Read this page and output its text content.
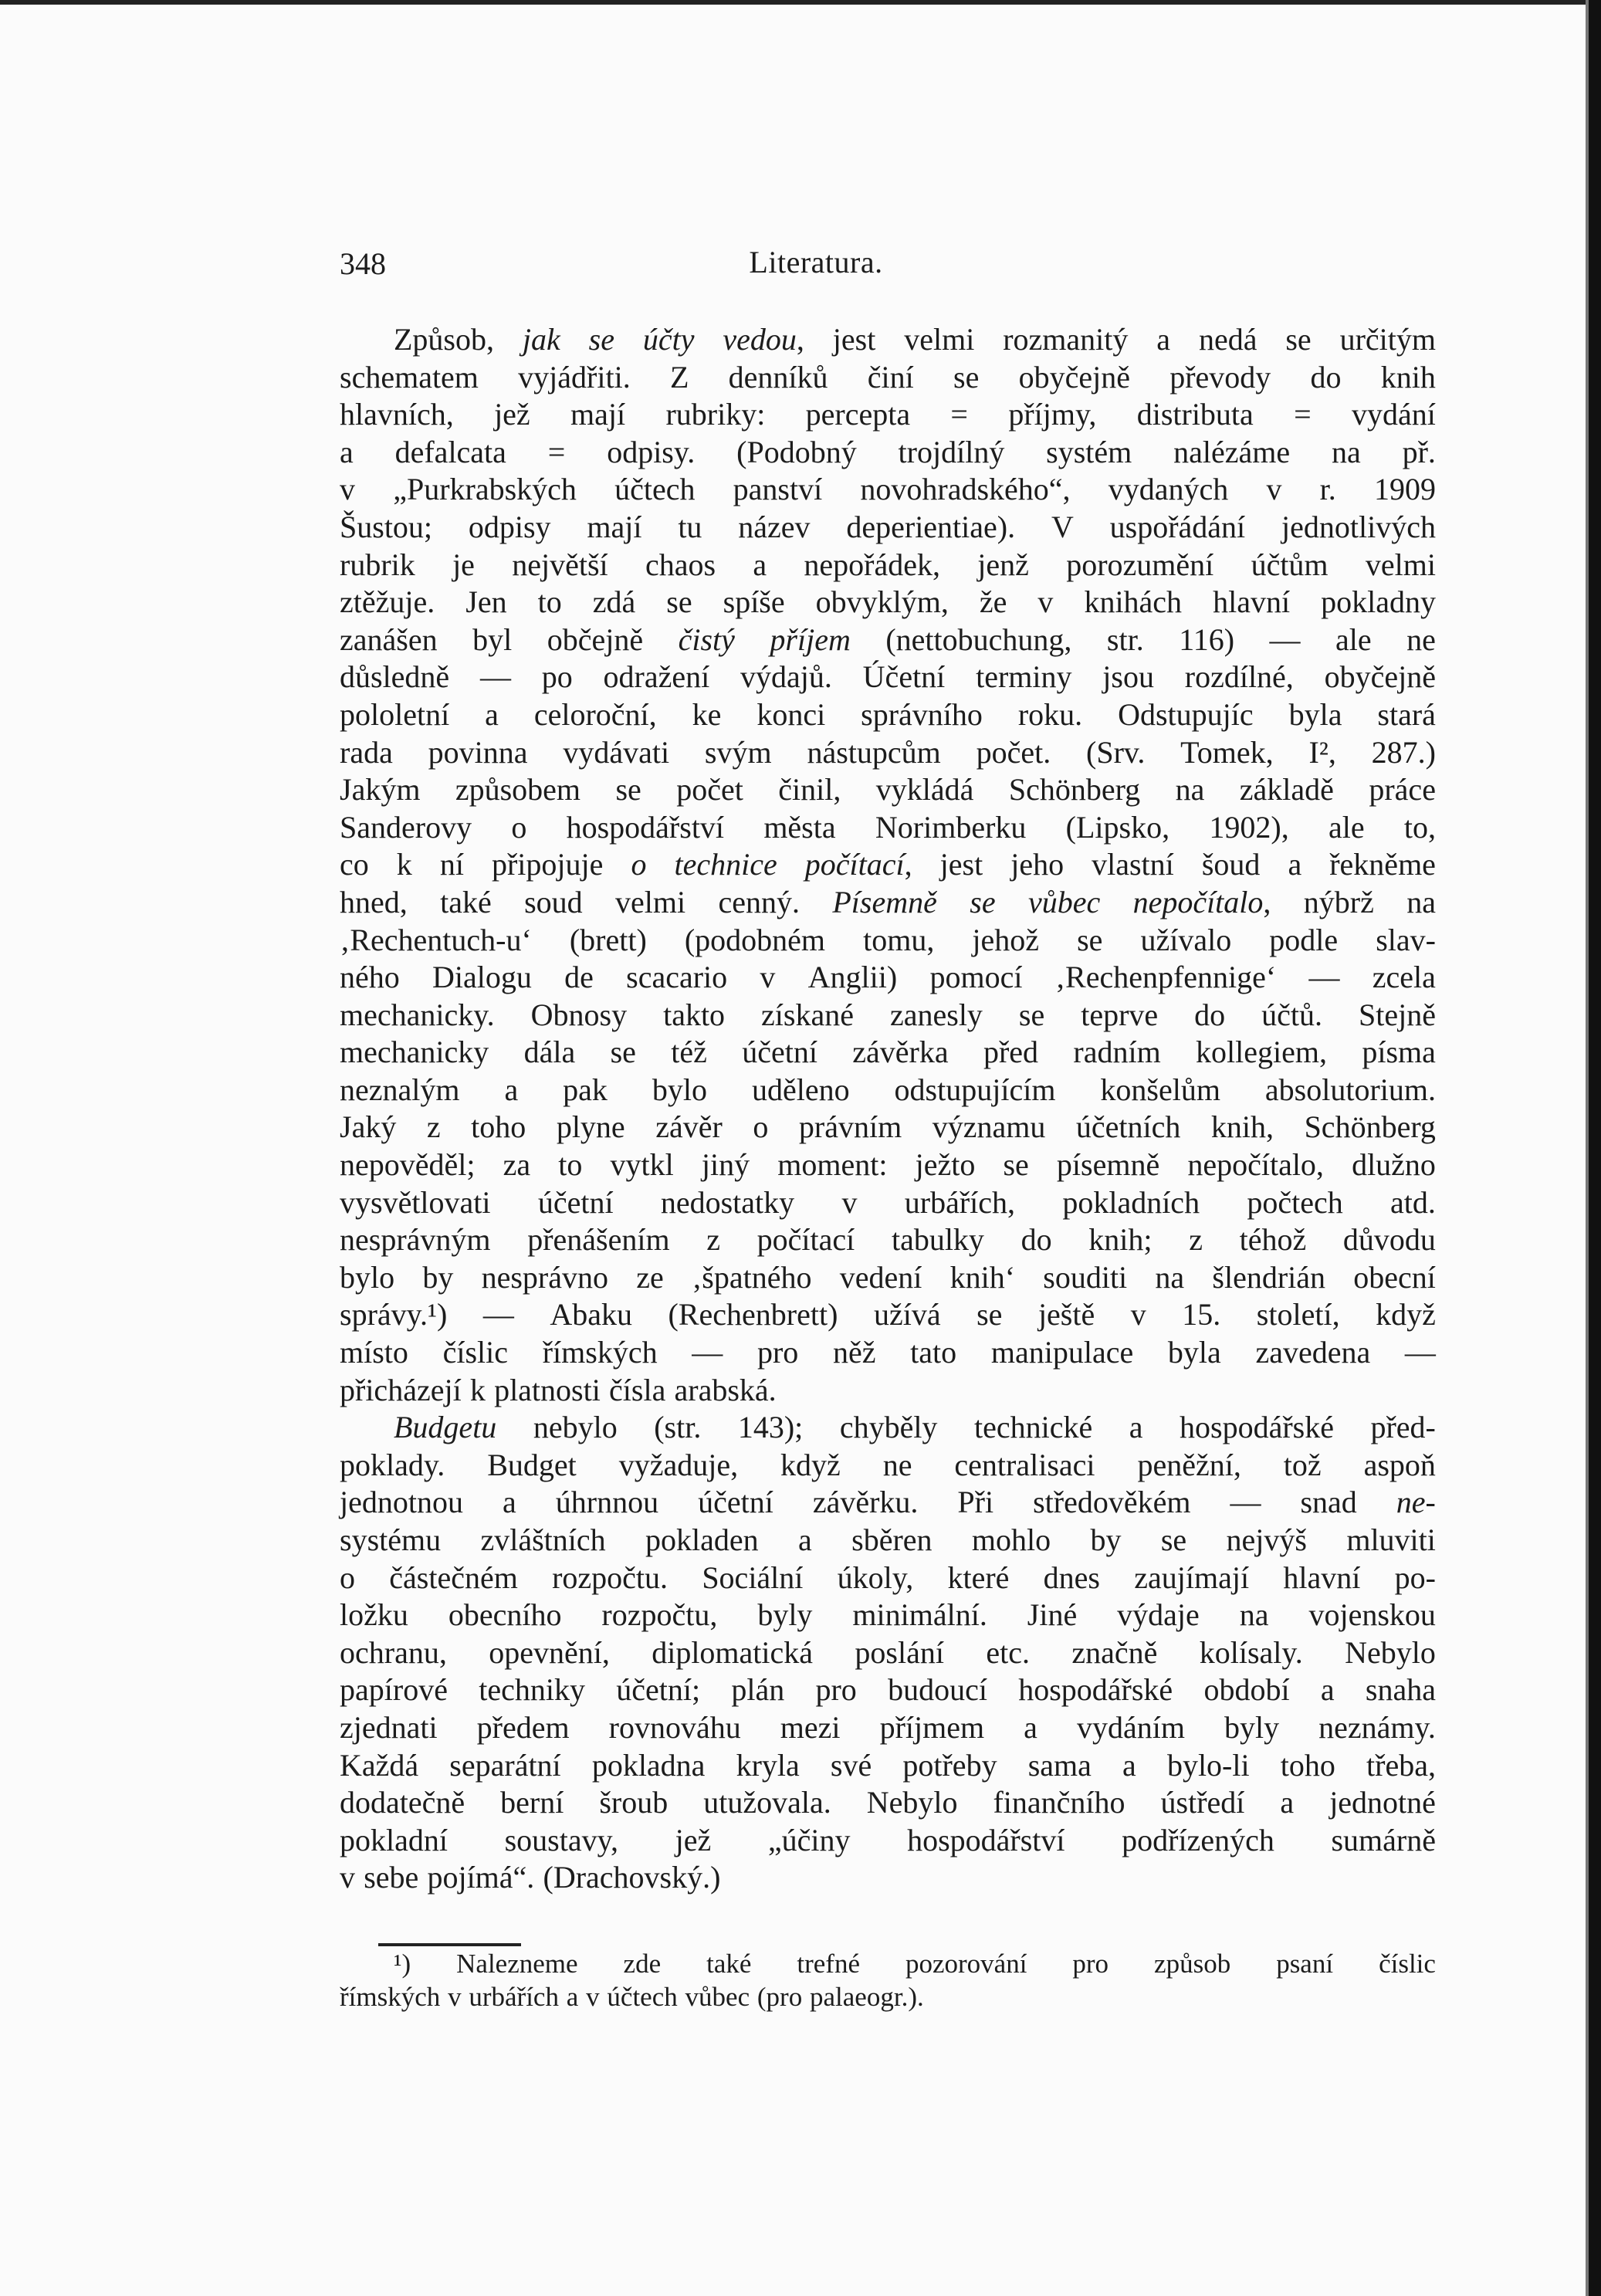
348	Literatura.
Způsob, jak se účty vedou, jest velmi rozmanitý a nedá se určitým
schematem vyjádřiti. Z denníků činí se obyčejně převody do knih
hlavních, jež mají rubriky: percepta = příjmy, distributa = vydání
a defalcata = odpisy. (Podobný trojdílný systém nalézáme na př.
v „Purkrabských účtech panství novohradského“, vydaných v r. 1909
Šustou; odpisy mají tu název deperientiae). V uspořádání jednotlivých
rubrik je největší chaos a nepořádek, jenž porozumění účtům velmi
ztěžuje. Jen to zdá se spíše obvyklým, že v knihách hlavní pokladny
zanášen byl občejně čistý příjem (nettobuchung, str. 116) — ale ne
důsledně — po odražení výdajů. Účetní terminy jsou rozdílné, obyčejně
pololetní a celoroční, ke konci správního roku. Odstupujíc byla stará
rada povinna vydávati svým nástupcům počet. (Srv. Tomek, I², 287.)
Jakým způsobem se počet činil, vykládá Schönberg na základě práce
Sanderovy o hospodářství města Norimberku (Lipsko, 1902), ale to,
co k ní připojuje o technice počítací, jest jeho vlastní šoud a řekněme
hned, také soud velmi cenný. Písemně se vůbec nepočítalo, nýbrž na
‚Rechentuch-u‘ (brett) (podobném tomu, jehož se užívalo podle slav-
ného Dialogu de scacario v Anglii) pomocí ‚Rechenpfennige‘ — zcela
mechanicky. Obnosy takto získané zanesly se teprve do účtů. Stejně
mechanicky dála se též účetní závěrka před radním kollegiem, písma
neznalým a pak bylo uděleno odstupujícím konšelům absolutorium.
Jaký z toho plyne závěr o právním významu účetních knih, Schönberg
nepověděl; za to vytkl jiný moment: ježto se písemně nepočítalo, dlužno
vysvětlovati účetní nedostatky v urbářích, pokladních počtech atd.
nesprávným přenášením z počítací tabulky do knih; z téhož důvodu
bylo by nesprávno ze ‚špatného vedení knih‘ souditi na šlendrián obecní
správy.¹) — Abaku (Rechenbrett) užívá se ještě v 15. století, když
místo číslic římských — pro něž tato manipulace byla zavedena —
přicházejí k platnosti čísla arabská.
Budgetu nebylo (str. 143); chyběly technické a hospodářské před-
poklady. Budget vyžaduje, když ne centralisaci peněžní, tož aspoň
jednotnou a úhrnnou účetní závěrku. Při středověkém — snad ne-
systému zvláštních pokladen a sběren mohlo by se nejvýš mluviti
o částečném rozpočtu. Sociální úkoly, které dnes zaujímají hlavní po-
ložku obecního rozpočtu, byly minimální. Jiné výdaje na vojenskou
ochranu, opevnění, diplomatická poslání etc. značně kolísaly. Nebylo
papírové techniky účetní; plán pro budoucí hospodářské období a snaha
zjednati předem rovnováhu mezi příjmem a vydáním byly neznámy.
Každá separátní pokladna kryla své potřeby sama a bylo-li toho třeba,
dodatečně berní šroub utužovala. Nebylo finančního ústředí a jednotné
pokladní soustavy, jež „účiny hospodářství podřízených sumárně
v sebe pojímá“. (Drachovský.)
¹) Nalezneme zde také trefné pozorování pro způsob psaní číslic
římských v urbářích a v účtech vůbec (pro palaeogr.).
